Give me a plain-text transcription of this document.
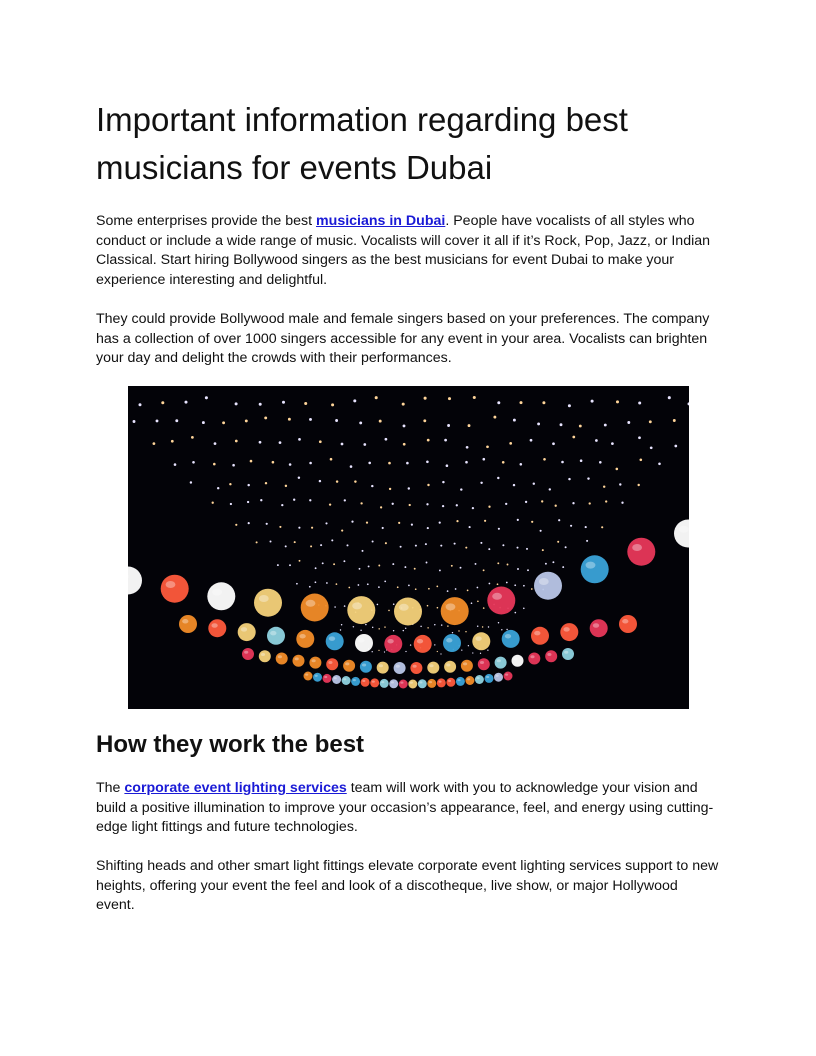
Important information regarding best musicians for events Dubai

Some enterprises provide the best musicians in Dubai. People have vocalists of all styles who conduct or include a wide range of music. Vocalists will cover it all if it’s Rock, Pop, Jazz, or Indian Classical. Start hiring Bollywood singers as the best musicians for event Dubai to make your experience interesting and delightful.

They could provide Bollywood male and female singers based on your preferences. The company has a collection of over 1000 singers accessible for any event in your area. Vocalists can brighten your day and delight the crowds with their performances.

How they work the best

The corporate event lighting services team will work with you to acknowledge your vision and build a positive illumination to improve your occasion’s appearance, feel, and energy using cutting-edge light fittings and future technologies.

Shifting heads and other smart light fittings elevate corporate event lighting services support to new heights, offering your event the feel and look of a discotheque, live show, or major Hollywood event.
